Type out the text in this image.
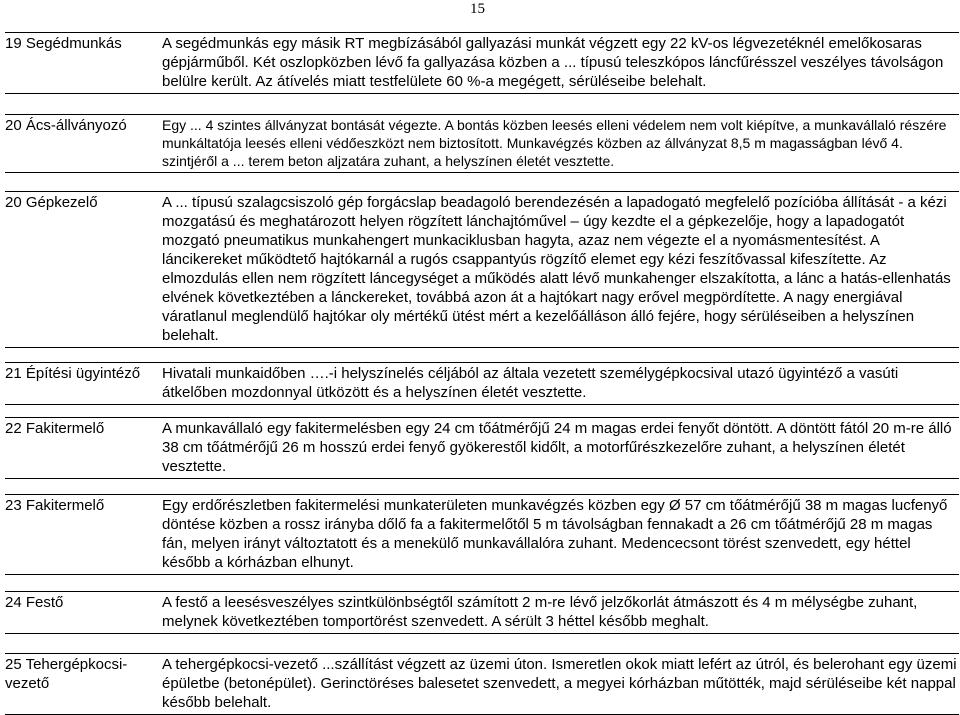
15
19 Segédmunkás	A segédmunkás egy másik RT megbízásából gallyazási munkát végzett egy 22 kV-os légvezetéknél emelőkosaras gépjárműből. Két oszlopközben lévő fa gallyazása közben a ... típusú teleszkópos láncfűrésszel veszélyes távolságon belülre került. Az átívelés miatt testfelülete 60 %-a megégett, sérüléseibe belehalt.

20 Ács-állványozó	Egy ... 4 szintes állványzat bontását végezte. A bontás közben leesés elleni védelem nem volt kiépítve, a munkavállaló részére munkáltatója leesés elleni védőeszközt nem biztosított. Munkavégzés közben az állványzat 8,5 m magasságban lévő 4. szintjéről a ... terem beton aljzatára zuhant, a helyszínen életét vesztette.

20 Gépkezelő	A ... típusú szalagcsiszoló gép forgácslap beadagoló berendezésén a lapadogató megfelelő pozícióba állítását - a kézi mozgatású és meghatározott helyen rögzített lánchajtóművel – úgy kezdte el a gépkezelője, hogy a lapadogatót mozgató pneumatikus munkahengert munkaciklusban hagyta, azaz nem végezte el a nyomásmentesítést. A láncikereket működtető hajtókarnál a rugós csappantyús rögzítő elemet egy kézi feszítővassal kifeszítette. Az elmozdulás ellen nem rögzített láncegységet a működés alatt lévő munkahenger elszakította, a lánc a hatás-ellenhatás elvének következtében a lánckereket, továbbá azon át a hajtókart nagy erővel megpördítette. A nagy energiával váratlanul meglendülő hajtókar oly mértékű ütést mért a kezelőálláson álló fejére, hogy sérüléseiben a helyszínen belehalt.

21 Építési ügyintéző	Hivatali munkaidőben ….-i helyszínelés céljából az általa vezetett személygépkocsival utazó ügyintéző a vasúti átkelőben mozdonnyal ütközött és a helyszínen életét vesztette.

22 Fakitermelő	A munkavállaló egy fakitermelésben egy 24 cm tőátmérőjű 24 m magas erdei fenyőt döntött. A döntött fától 20 m-re álló 38 cm tőátmérőjű 26 m hosszú erdei fenyő gyökerestől kidőlt, a motorfűrészkezelőre zuhant, a helyszínen életét vesztette.

23 Fakitermelő	Egy erdőrészletben fakitermelési munkaterületen munkavégzés közben egy Ø 57 cm tőátmérőjű 38 m magas lucfenyő döntése közben a rossz irányba dőlő fa a fakitermelőtől 5 m távolságban fennakadt a 26 cm tőátmérőjű 28 m magas fán, melyen irányt változtatott és a menekülő munkavállalóra zuhant. Medencecsont törést szenvedett, egy héttel később a kórházban elhunyt.

24 Festő	A festő a leesésveszélyes szintkülönbségtől számított 2 m-re lévő jelzőkorlát átmászott és 4 m mélységbe zuhant, melynek következtében tomportörést szenvedett. A sérült 3 héttel később meghalt.

25 Tehergépkocsi-vezető	A tehergépkocsi-vezető ...szállítást végzett az üzemi úton. Ismeretlen okok miatt lefért az útról, és belerohant egy üzemi épületbe (betonépület). Gerinctöréses balesetet szenvedett, a megyei kórházban műtötték, majd sérüléseibe két nappal később belehalt.
